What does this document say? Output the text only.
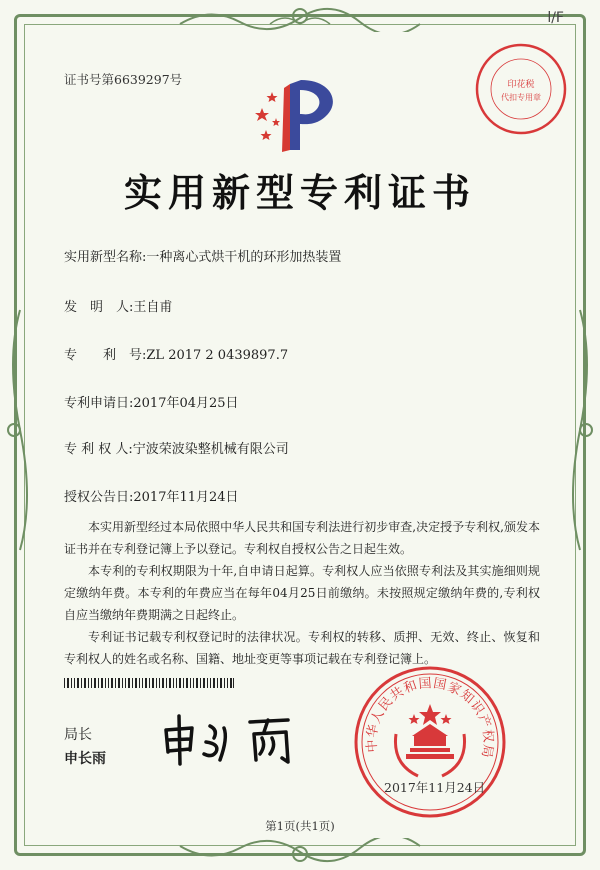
l/F
证书号第6639297号	印花税
代扣专用章
实用新型专利证书
实用新型名称:一种离心式烘干机的环形加热装置
发　明　人:王自甫
专　　利　号:ZL 2017 2 0439897.7
专利申请日:2017年04月25日
专 利 权 人:宁波荣波染整机械有限公司
授权公告日:2017年11月24日

本实用新型经过本局依照中华人民共和国专利法进行初步审查,决定授予专利权,颁发本证书并在专利登记簿上予以登记。专利权自授权公告之日起生效。

本专利的专利权期限为十年,自申请日起算。专利权人应当依照专利法及其实施细则规定缴纳年费。本专利的年费应当在每年04月25日前缴纳。未按照规定缴纳年费的,专利权自应当缴纳年费期满之日起终止。

专利证书记载专利权登记时的法律状况。专利权的转移、质押、无效、终止、恢复和专利权人的姓名或名称、国籍、地址变更等事项记载在专利登记簿上。

局长
申长雨
中华人民共和国国家知识产权局
2017年11月24日
第1页(共1页)
